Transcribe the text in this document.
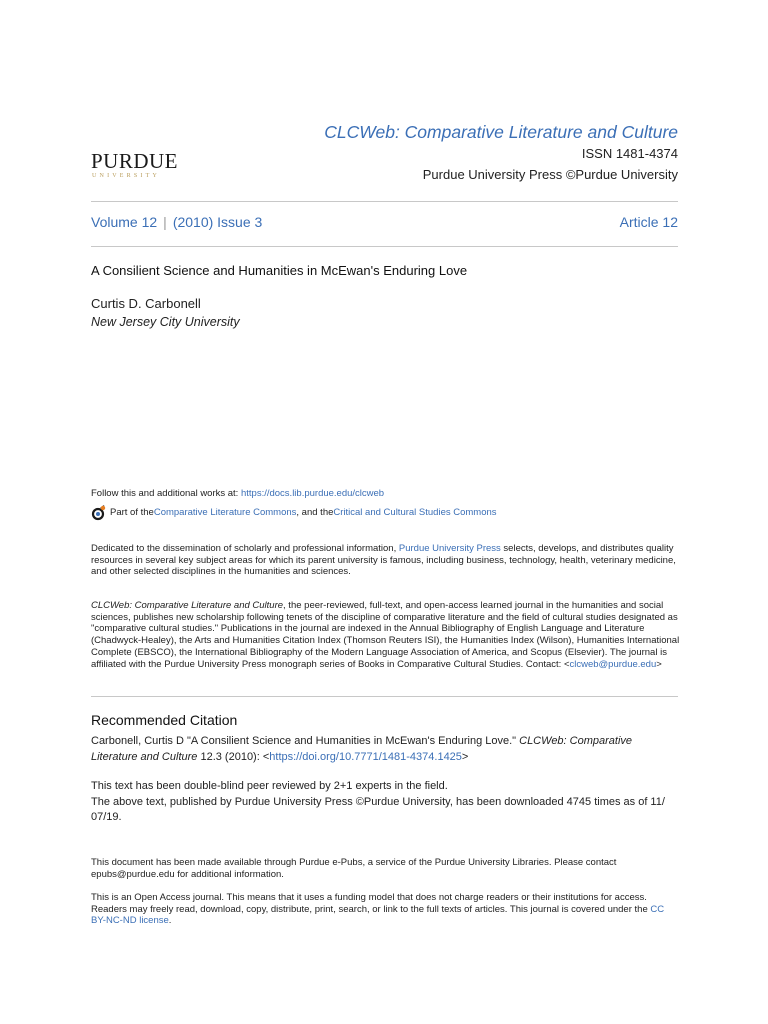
PURDUE
UNIVERSITY
CLCWeb: Comparative Literature and Culture
ISSN 1481-4374
Purdue University Press ©Purdue University
Volume 12 | (2010) Issue 3	Article 12
A Consilient Science and Humanities in McEwan's Enduring Love
Curtis D. Carbonell
New Jersey City University
Follow this and additional works at: https://docs.lib.purdue.edu/clcweb
Part of the Comparative Literature Commons , and the Critical and Cultural Studies Commons
Dedicated to the dissemination of scholarly and professional information, Purdue University Press selects, develops, and distributes quality resources in several key subject areas for which its parent university is famous, including business, technology, health, veterinary medicine, and other selected disciplines in the humanities and sciences.
CLCWeb: Comparative Literature and Culture, the peer-reviewed, full-text, and open-access learned journal in the humanities and social sciences, publishes new scholarship following tenets of the discipline of comparative literature and the field of cultural studies designated as "comparative cultural studies." Publications in the journal are indexed in the Annual Bibliography of English Language and Literature (Chadwyck-Healey), the Arts and Humanities Citation Index (Thomson Reuters ISI), the Humanities Index (Wilson), Humanities International Complete (EBSCO), the International Bibliography of the Modern Language Association of America, and Scopus (Elsevier). The journal is affiliated with the Purdue University Press monograph series of Books in Comparative Cultural Studies. Contact: <clcweb@purdue.edu>
Recommended Citation
Carbonell, Curtis D "A Consilient Science and Humanities in McEwan's Enduring Love." CLCWeb: Comparative Literature and Culture 12.3 (2010): <https://doi.org/10.7771/1481-4374.1425>
This text has been double-blind peer reviewed by 2+1 experts in the field.
The above text, published by Purdue University Press ©Purdue University, has been downloaded 4745 times as of 11/ 07/19.
This document has been made available through Purdue e-Pubs, a service of the Purdue University Libraries. Please contact epubs@purdue.edu for additional information.
This is an Open Access journal. This means that it uses a funding model that does not charge readers or their institutions for access. Readers may freely read, download, copy, distribute, print, search, or link to the full texts of articles. This journal is covered under the CC BY-NC-ND license.
